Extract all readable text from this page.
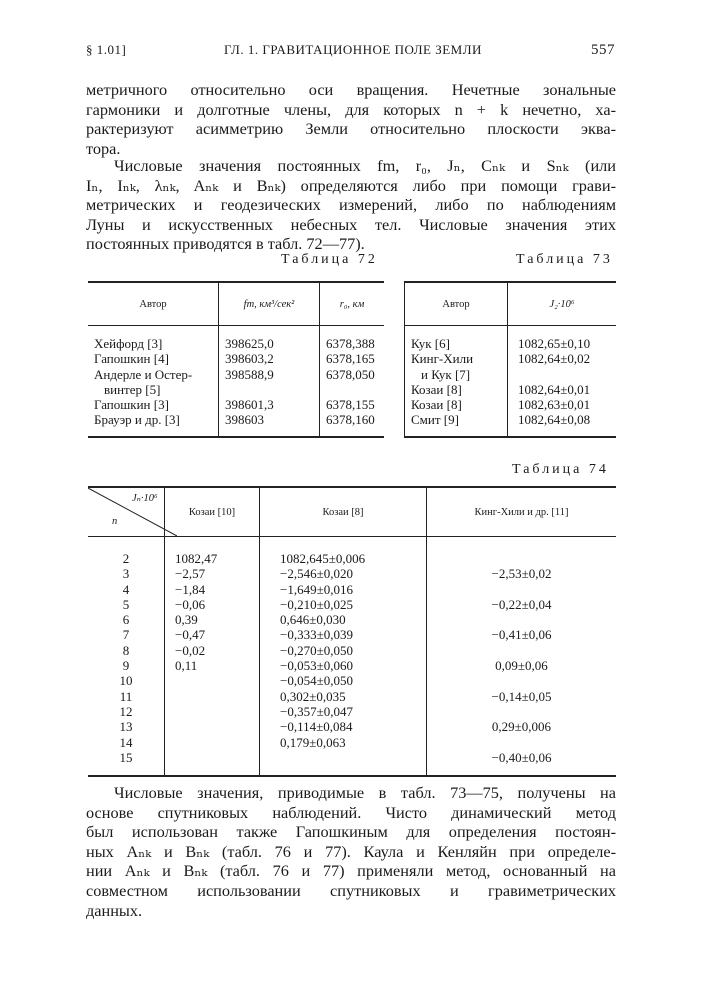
§ 1.01]	ГЛ. 1. ГРАВИТАЦИОННОЕ ПОЛЕ ЗЕМЛИ	557
метричного относительно оси вращения. Нечетные зональные
гармоники и долготные члены, для которых n + k нечетно, ха-
рактеризуют асимметрию Земли относительно плоскости эква-
тора.
Числовые значения постоянных fm, r₀, Jₙ, Cₙₖ и Sₙₖ (или
Iₙ, Iₙₖ, λₙₖ, Aₙₖ и Bₙₖ) определяются либо при помощи грави-
метрических и геодезических измерений, либо по наблюдениям
Луны и искусственных небесных тел. Числовые значения этих
постоянных приводятся в табл. 72—77).
Таблица 72	Таблица 73
Автор	fm, км³/сек²	r₀, км

Хейфорд [3]	398625,0	6378,388
Гапошкин [4]	398603,2	6378,165
Андерле и Остер-	398588,9	6378,050
винтер [5]		
Гапошкин [3]	398601,3	6378,155
Брауэр и др. [3]	398603	6378,160

Автор	J₂·10⁶

Кук [6]	1082,65±0,10
Кинг-Хили	1082,64±0,02
и Кук [7]	
Козаи [8]	1082,64±0,01
Козаи [8]	1082,63±0,01
Смит [9]	1082,64±0,08

Таблица 74
Jₙ·10⁶
n	Козаи [10]	Козаи [8]	Кинг-Хили и др. [11]

2	1082,47	1082,645±0,006	
3	−2,57	−2,546±0,020	−2,53±0,02
4	−1,84	−1,649±0,016	
5	−0,06	−0,210±0,025	−0,22±0,04
6	0,39	0,646±0,030	
7	−0,47	−0,333±0,039	−0,41±0,06
8	−0,02	−0,270±0,050	
9	0,11	−0,053±0,060	0,09±0,06
10		−0,054±0,050	
11		0,302±0,035	−0,14±0,05
12		−0,357±0,047	
13		−0,114±0,084	0,29±0,006
14		0,179±0,063	
15			−0,40±0,06

Числовые значения, приводимые в табл. 73—75, получены на
основе спутниковых наблюдений. Чисто динамический метод
был использован также Гапошкиным для определения постоян-
ных Aₙₖ и Bₙₖ (табл. 76 и 77). Каула и Кенляйн при определе-
нии Aₙₖ и Bₙₖ (табл. 76 и 77) применяли метод, основанный на
совместном использовании спутниковых и гравиметрических
данных.
